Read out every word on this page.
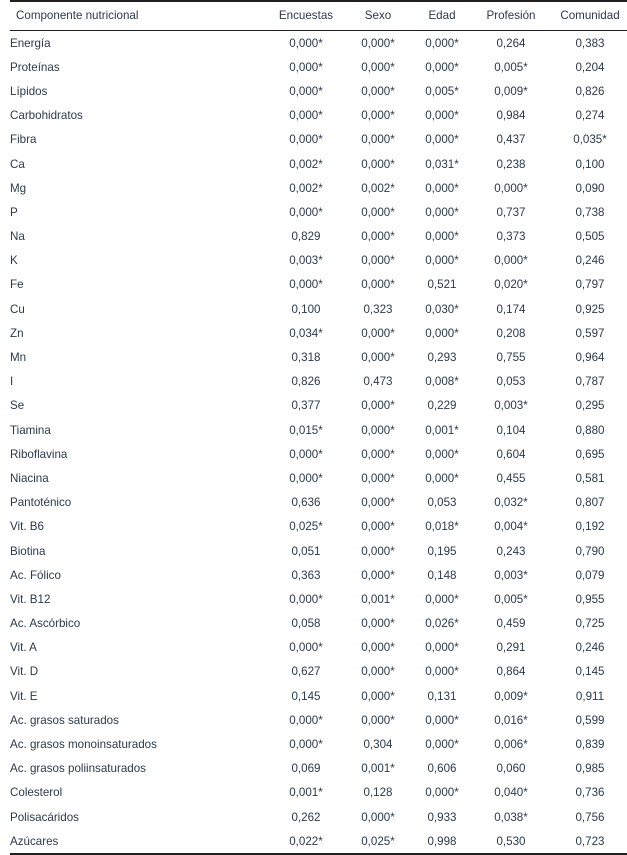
Componente nutricional	Encuestas	Sexo	Edad	Profesión	Comunidad
Energía	0,000*	0,000*	0,000*	0,264	0,383
Proteínas	0,000*	0,000*	0,000*	0,005*	0,204
Lípidos	0,000*	0,000*	0,005*	0,009*	0,826
Carbohidratos	0,000*	0,000*	0,000*	0,984	0,274
Fibra	0,000*	0,000*	0,000*	0,437	0,035*
Ca	0,002*	0,000*	0,031*	0,238	0,100
Mg	0,002*	0,002*	0,000*	0,000*	0,090
P	0,000*	0,000*	0,000*	0,737	0,738
Na	0,829	0,000*	0,000*	0,373	0,505
K	0,003*	0,000*	0,000*	0,000*	0,246
Fe	0,000*	0,000*	0,521	0,020*	0,797
Cu	0,100	0,323	0,030*	0,174	0,925
Zn	0,034*	0,000*	0,000*	0,208	0,597
Mn	0,318	0,000*	0,293	0,755	0,964
I	0,826	0,473	0,008*	0,053	0,787
Se	0,377	0,000*	0,229	0,003*	0,295
Tiamina	0,015*	0,000*	0,001*	0,104	0,880
Riboflavina	0,000*	0,000*	0,000*	0,604	0,695
Niacina	0,000*	0,000*	0,000*	0,455	0,581
Pantoténico	0,636	0,000*	0,053	0,032*	0,807
Vit. B6	0,025*	0,000*	0,018*	0,004*	0,192
Biotina	0,051	0,000*	0,195	0,243	0,790
Ac. Fólico	0,363	0,000*	0,148	0,003*	0,079
Vit. B12	0,000*	0,001*	0,000*	0,005*	0,955
Ac. Ascórbico	0,058	0,000*	0,026*	0,459	0,725
Vit. A	0,000*	0,000*	0,000*	0,291	0,246
Vit. D	0,627	0,000*	0,000*	0,864	0,145
Vit. E	0,145	0,000*	0,131	0,009*	0,911
Ac. grasos saturados	0,000*	0,000*	0,000*	0,016*	0,599
Ac. grasos monoinsaturados	0,000*	0,304	0,000*	0,006*	0,839
Ac. grasos poliinsaturados	0,069	0,001*	0,606	0,060	0,985
Colesterol	0,001*	0,128	0,000*	0,040*	0,736
Polisacáridos	0,262	0,000*	0,933	0,038*	0,756
Azúcares	0,022*	0,025*	0,998	0,530	0,723
